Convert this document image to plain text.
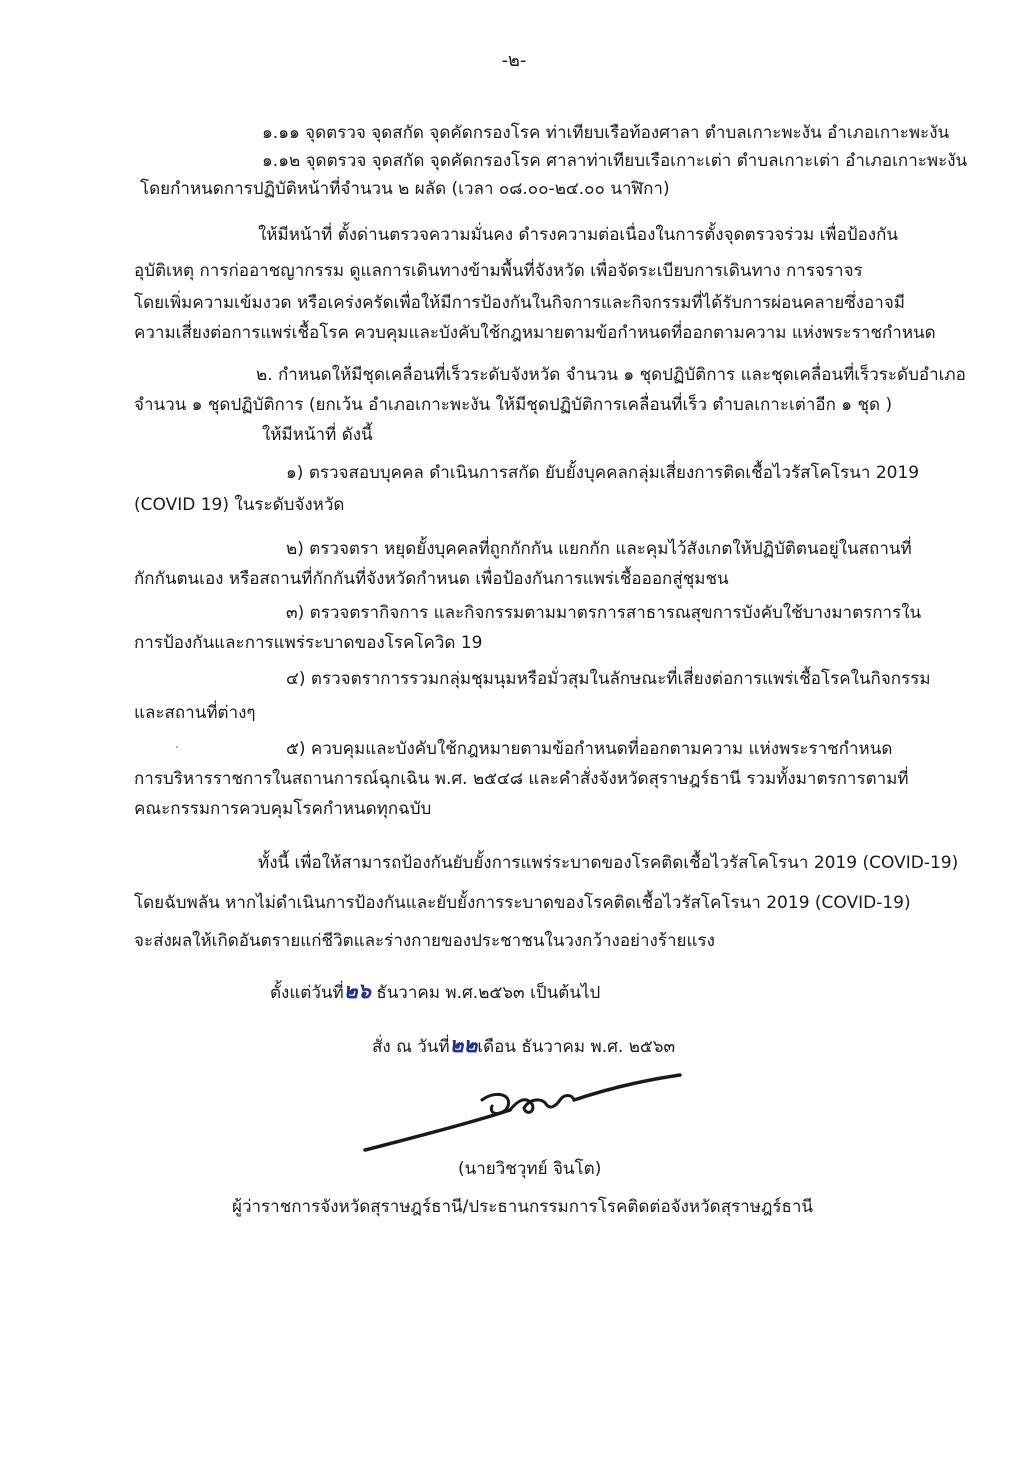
-๒-
๑.๑๑ จุดตรวจ จุดสกัด จุดคัดกรองโรค ท่าเทียบเรือท้องศาลา ตำบลเกาะพะงัน อำเภอเกาะพะงัน
๑.๑๒ จุดตรวจ จุดสกัด จุดคัดกรองโรค ศาลาท่าเทียบเรือเกาะเต่า ตำบลเกาะเต่า อำเภอเกาะพะงัน
โดยกำหนดการปฏิบัติหน้าที่จำนวน ๒ ผลัด (เวลา ๐๘.๐๐-๒๔.๐๐ นาฬิกา)
ให้มีหน้าที่ ตั้งด่านตรวจความมั่นคง ดำรงความต่อเนื่องในการตั้งจุดตรวจร่วม เพื่อป้องกัน
อุบัติเหตุ การก่ออาชญากรรม ดูแลการเดินทางข้ามพื้นที่จังหวัด เพื่อจัดระเบียบการเดินทาง การจราจร
โดยเพิ่มความเข้มงวด หรือเคร่งครัดเพื่อให้มีการป้องกันในกิจการและกิจกรรมที่ได้รับการผ่อนคลายซึ่งอาจมี
ความเสี่ยงต่อการแพร่เชื้อโรค ควบคุมและบังคับใช้กฎหมายตามข้อกำหนดที่ออกตามความ แห่งพระราชกำหนด
๒. กำหนดให้มีชุดเคลื่อนที่เร็วระดับจังหวัด จำนวน ๑ ชุดปฏิบัติการ และชุดเคลื่อนที่เร็วระดับอำเภอ
จำนวน ๑ ชุดปฏิบัติการ (ยกเว้น อำเภอเกาะพะงัน ให้มีชุดปฏิบัติการเคลื่อนที่เร็ว ตำบลเกาะเต่าอีก ๑ ชุด )
ให้มีหน้าที่ ดังนี้
๑) ตรวจสอบบุคคล ดำเนินการสกัด ยับยั้งบุคคลกลุ่มเสี่ยงการติดเชื้อไวรัสโคโรนา 2019
(COVID 19) ในระดับจังหวัด
๒) ตรวจตรา หยุดยั้งบุคคลที่ถูกกักกัน แยกกัก และคุมไว้สังเกตให้ปฏิบัติตนอยู่ในสถานที่
กักกันตนเอง หรือสถานที่กักกันที่จังหวัดกำหนด เพื่อป้องกันการแพร่เชื้อออกสู่ชุมชน
๓) ตรวจตรากิจการ และกิจกรรมตามมาตรการสาธารณสุขการบังคับใช้บางมาตรการใน
การป้องกันและการแพร่ระบาดของโรคโควิด 19
๔) ตรวจตราการรวมกลุ่มชุมนุมหรือมั่วสุมในลักษณะที่เสี่ยงต่อการแพร่เชื้อโรคในกิจกรรม
และสถานที่ต่างๆ
๕) ควบคุมและบังคับใช้กฎหมายตามข้อกำหนดที่ออกตามความ แห่งพระราชกำหนด
การบริหารราชการในสถานการณ์ฉุกเฉิน พ.ศ. ๒๕๔๘ และคำสั่งจังหวัดสุราษฎร์ธานี รวมทั้งมาตรการตามที่
คณะกรรมการควบคุมโรคกำหนดทุกฉบับ
ทั้งนี้ เพื่อให้สามารถป้องกันยับยั้งการแพร่ระบาดของโรคติดเชื้อไวรัสโคโรนา 2019 (COVID-19)
โดยฉับพลัน หากไม่ดำเนินการป้องกันและยับยั้งการระบาดของโรคติดเชื้อไวรัสโคโรนา 2019 (COVID-19)
จะส่งผลให้เกิดอันตรายแก่ชีวิตและร่างกายของประชาชนในวงกว้างอย่างร้ายแรง
ตั้งแต่วันที่๒๖ ธันวาคม พ.ศ.๒๕๖๓ เป็นต้นไป
สั่ง ณ วันที่๒๒เดือน ธันวาคม พ.ศ. ๒๕๖๓
(นายวิชวุทย์ จินโต)
ผู้ว่าราชการจังหวัดสุราษฎร์ธานี/ประธานกรรมการโรคติดต่อจังหวัดสุราษฎร์ธานี
